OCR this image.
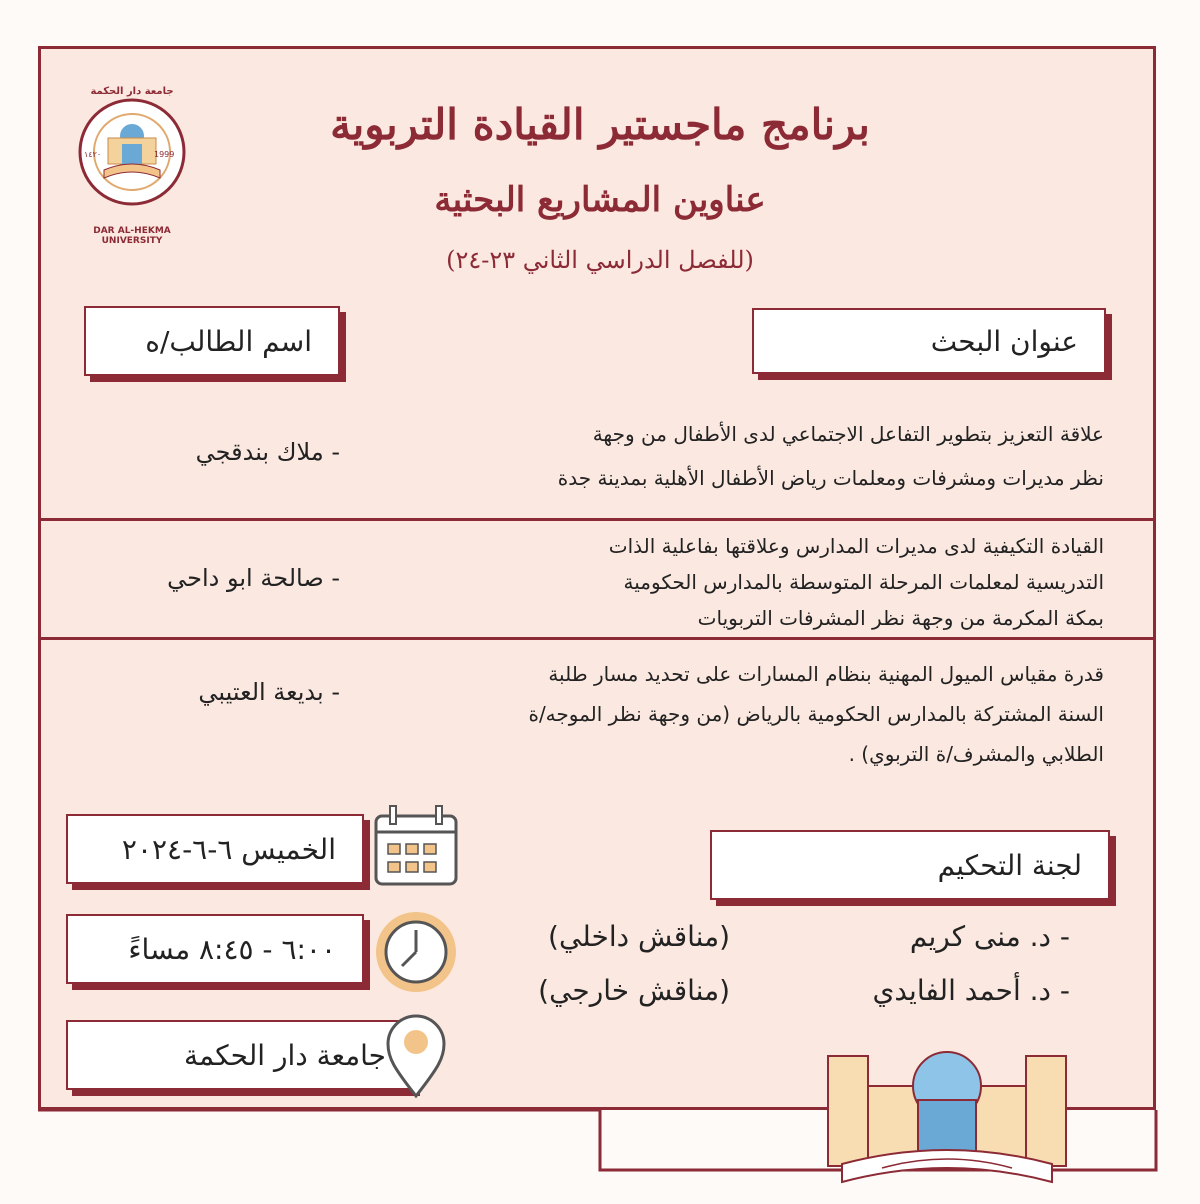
DAR AL-HEKMA UNIVERSITY
جامعة دار الحكمة
١٤٢٠	1999
برنامج ماجستير القيادة التربوية
عناوين المشاريع البحثية
(للفصل الدراسي الثاني ٢٣-٢٤)
عنوان البحث
اسم الطالب/ه
علاقة التعزيز بتطوير التفاعل الاجتماعي لدى الأطفال من وجهة
نظر مديرات ومشرفات ومعلمات رياض الأطفال الأهلية بمدينة جدة
- ملاك بندقجي
القيادة التكيفية لدى مديرات المدارس وعلاقتها بفاعلية الذات
التدريسية لمعلمات المرحلة المتوسطة بالمدارس الحكومية
بمكة المكرمة من وجهة نظر المشرفات التربويات
- صالحة ابو داحي
قدرة مقياس الميول المهنية بنظام المسارات على تحديد مسار طلبة
السنة المشتركة بالمدارس الحكومية بالرياض (من وجهة نظر الموجه/ة
الطلابي والمشرف/ة التربوي) .
- بديعة العتيبي
لجنة التحكيم
- د. منى كريم
(مناقش داخلي)
- د. أحمد الفايدي
(مناقش خارجي)
الخميس ٦-٦-٢٠٢٤
٦:٠٠ - ٨:٤٥ مساءً
جامعة دار الحكمة
